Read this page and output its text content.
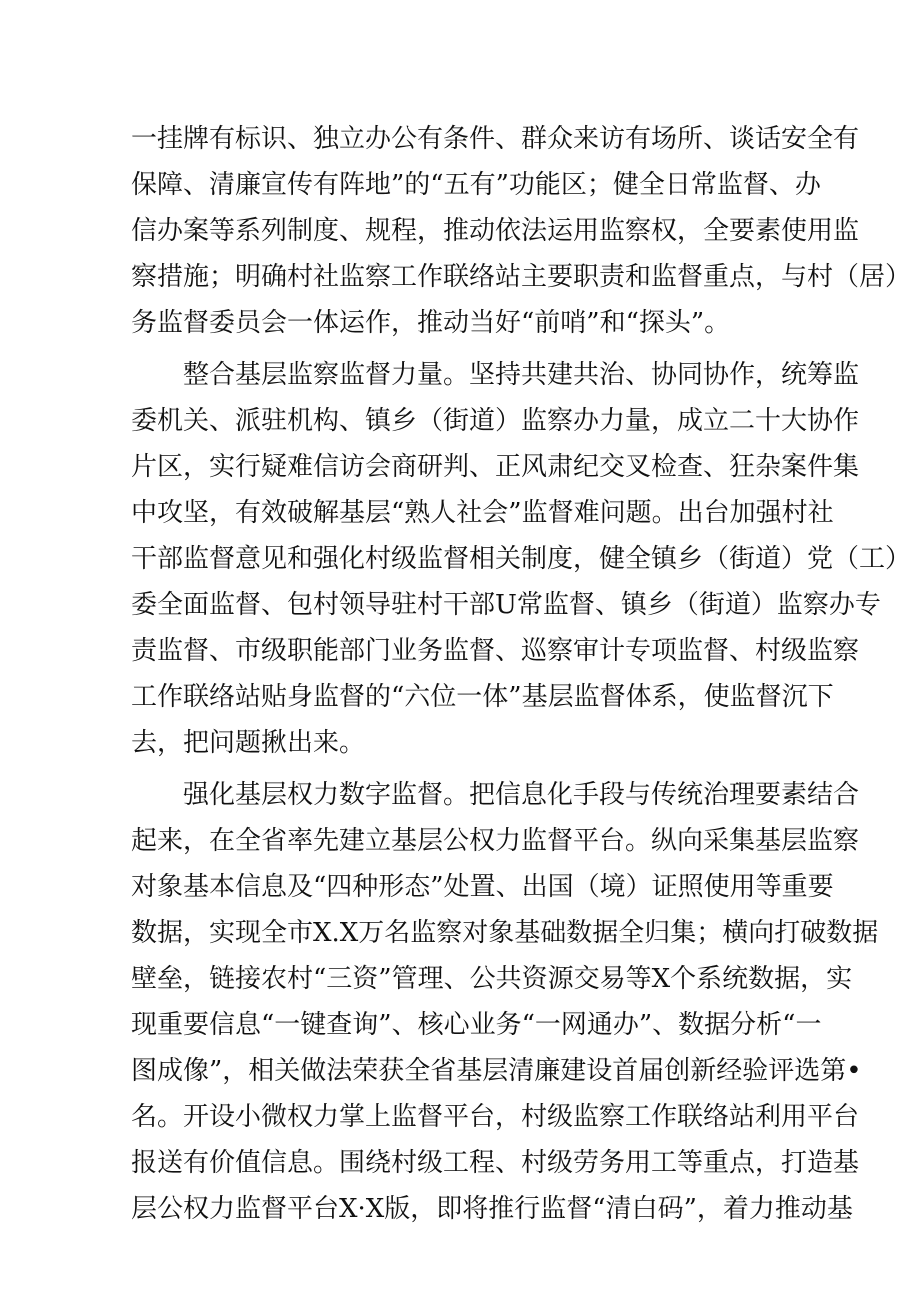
一挂牌有标识、独立办公有条件、群众来访有场所、谈话安全有
保障、清廉宣传有阵地”的“五有”功能区；健全日常监督、办
信办案等系列制度、规程，推动依法运用监察权，全要素使用监
察措施；明确村社监察工作联络站主要职责和监督重点，与村（居）
务监督委员会一体运作，推动当好“前哨”和“探头”。
整合基层监察监督力量。坚持共建共治、协同协作，统筹监
委机关、派驻机构、镇乡（街道）监察办力量，成立二十大协作
片区，实行疑难信访会商研判、正风肃纪交叉检查、狂杂案件集
中攻坚，有效破解基层“熟人社会”监督难问题。出台加强村社
干部监督意见和强化村级监督相关制度，健全镇乡（街道）党（工）
委全面监督、包村领导驻村干部U常监督、镇乡（街道）监察办专
责监督、市级职能部门业务监督、巡察审计专项监督、村级监察
工作联络站贴身监督的“六位一体”基层监督体系，使监督沉下
去，把问题揪出来。
强化基层权力数字监督。把信息化手段与传统治理要素结合
起来，在全省率先建立基层公权力监督平台。纵向采集基层监察
对象基本信息及“四种形态”处置、出国（境）证照使用等重要
数据，实现全市X.X万名监察对象基础数据全归集；横向打破数据
壁垒，链接农村“三资”管理、公共资源交易等X个系统数据，实
现重要信息“一键查询”、核心业务“一网通办”、数据分析“一
图成像”，相关做法荣获全省基层清廉建设首届创新经验评选第•
名。开设小微权力掌上监督平台，村级监察工作联络站利用平台
报送有价值信息。围绕村级工程、村级劳务用工等重点，打造基
层公权力监督平台X·X版，即将推行监督“清白码”，着力推动基
